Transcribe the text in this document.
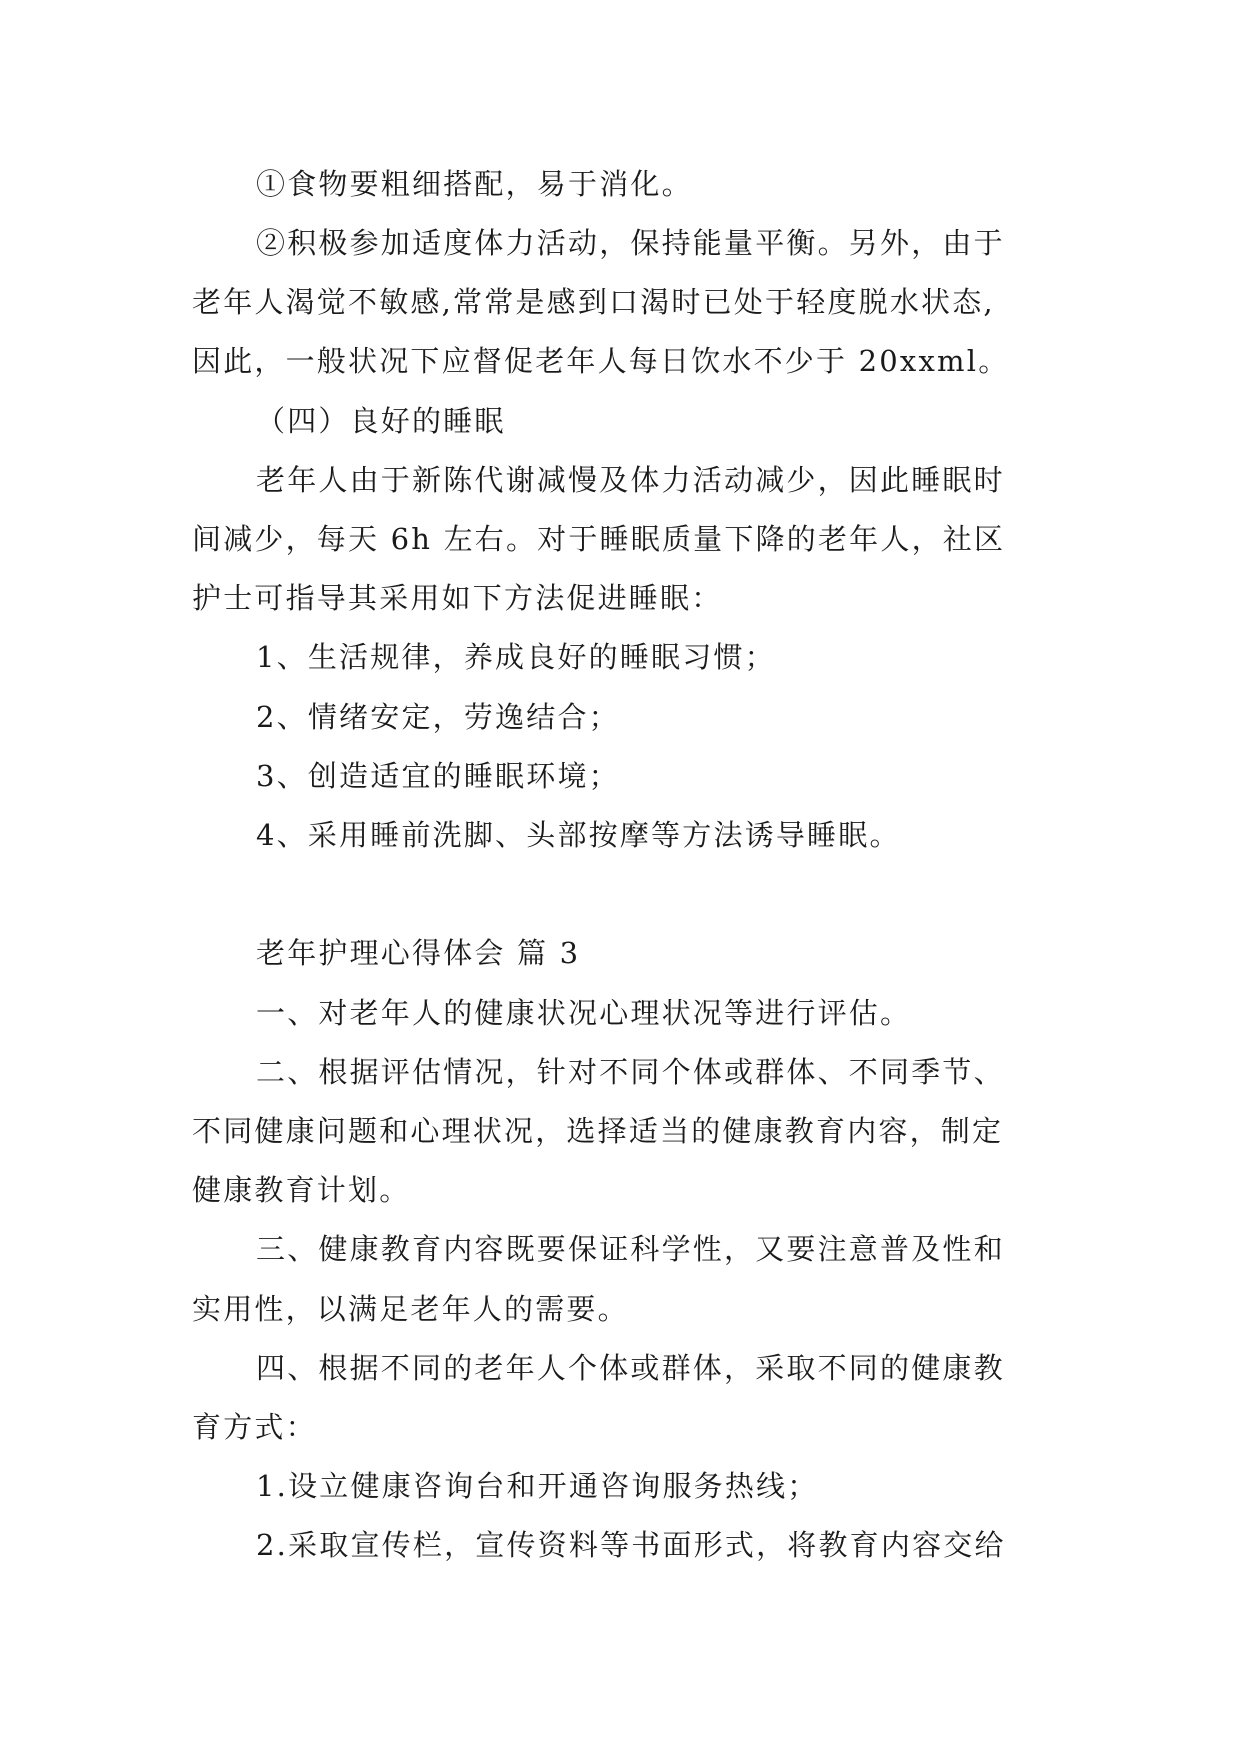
①食物要粗细搭配，易于消化。
②积极参加适度体力活动，保持能量平衡。另外，由于
老年人渴觉不敏感,常常是感到口渴时已处于轻度脱水状态,
因此，一般状况下应督促老年人每日饮水不少于 20xxml。
（四）良好的睡眠
老年人由于新陈代谢减慢及体力活动减少，因此睡眠时
间减少，每天 6h 左右。对于睡眠质量下降的老年人，社区
护士可指导其采用如下方法促进睡眠：
1、生活规律，养成良好的睡眠习惯；
2、情绪安定，劳逸结合；
3、创造适宜的睡眠环境；
4、采用睡前洗脚、头部按摩等方法诱导睡眠。
老年护理心得体会 篇 3
一、对老年人的健康状况心理状况等进行评估。
二、根据评估情况，针对不同个体或群体、不同季节、
不同健康问题和心理状况，选择适当的健康教育内容，制定
健康教育计划。
三、健康教育内容既要保证科学性，又要注意普及性和
实用性，以满足老年人的需要。
四、根据不同的老年人个体或群体，采取不同的健康教
育方式：
1.设立健康咨询台和开通咨询服务热线；
2.采取宣传栏，宣传资料等书面形式，将教育内容交给
